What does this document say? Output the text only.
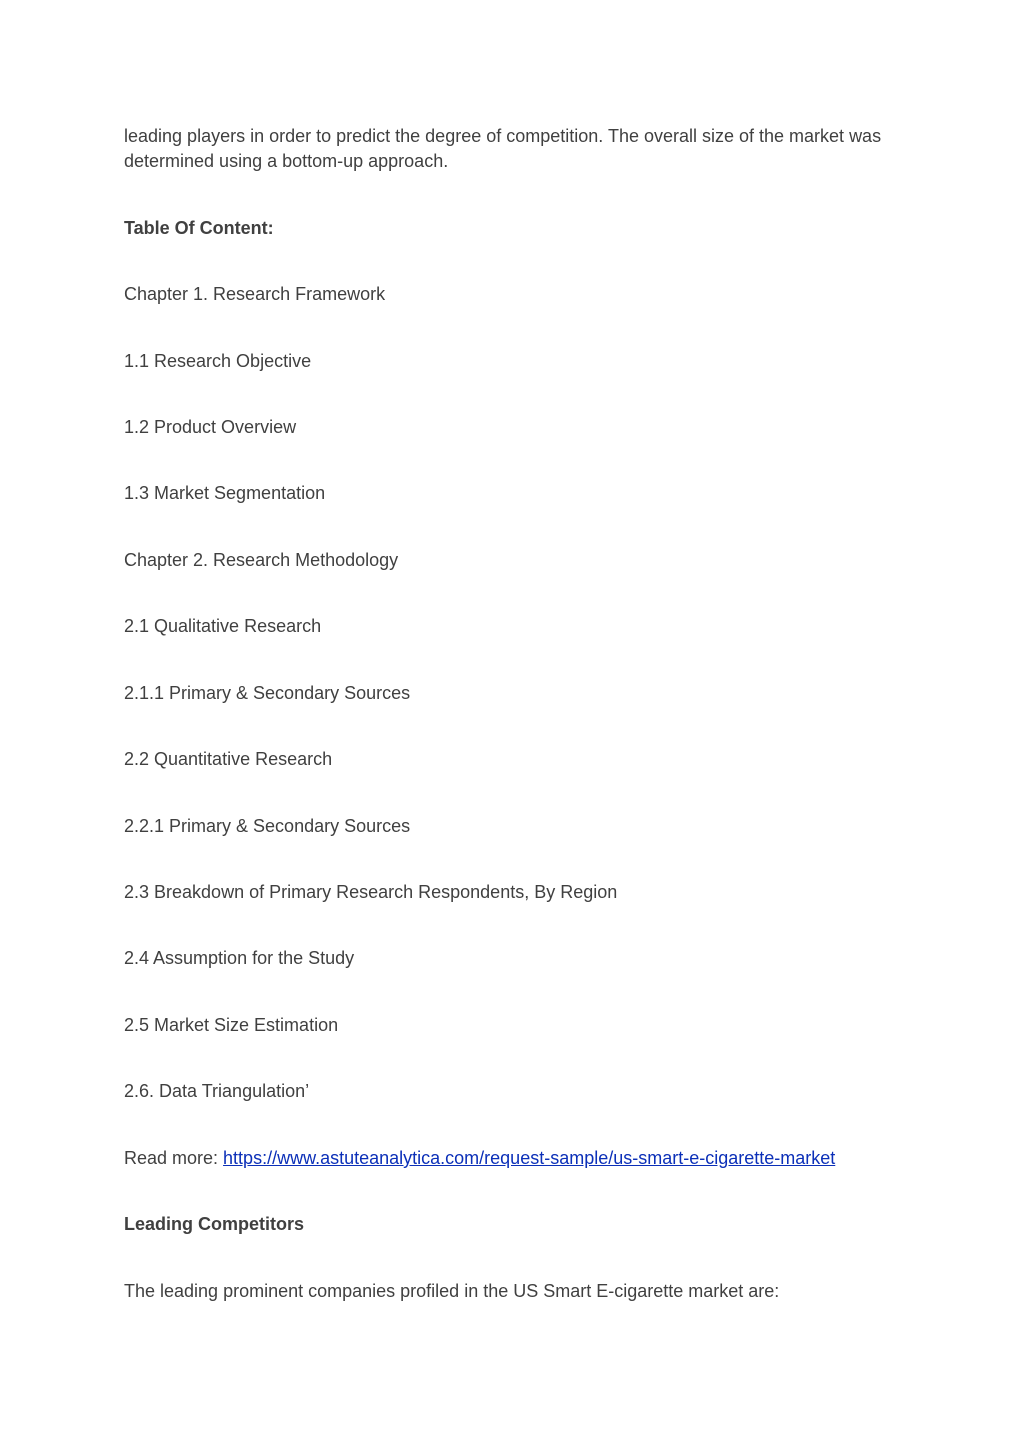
leading players in order to predict the degree of competition. The overall size of the market was determined using a bottom-up approach.

Table Of Content:

Chapter 1. Research Framework

1.1 Research Objective

1.2 Product Overview

1.3 Market Segmentation

Chapter 2. Research Methodology

2.1 Qualitative Research

2.1.1 Primary & Secondary Sources

2.2 Quantitative Research

2.2.1 Primary & Secondary Sources

2.3 Breakdown of Primary Research Respondents, By Region

2.4 Assumption for the Study

2.5 Market Size Estimation

2.6. Data Triangulation’

Read more: https://www.astuteanalytica.com/request-sample/us-smart-e-cigarette-market

Leading Competitors

The leading prominent companies profiled in the US Smart E-cigarette market are:
